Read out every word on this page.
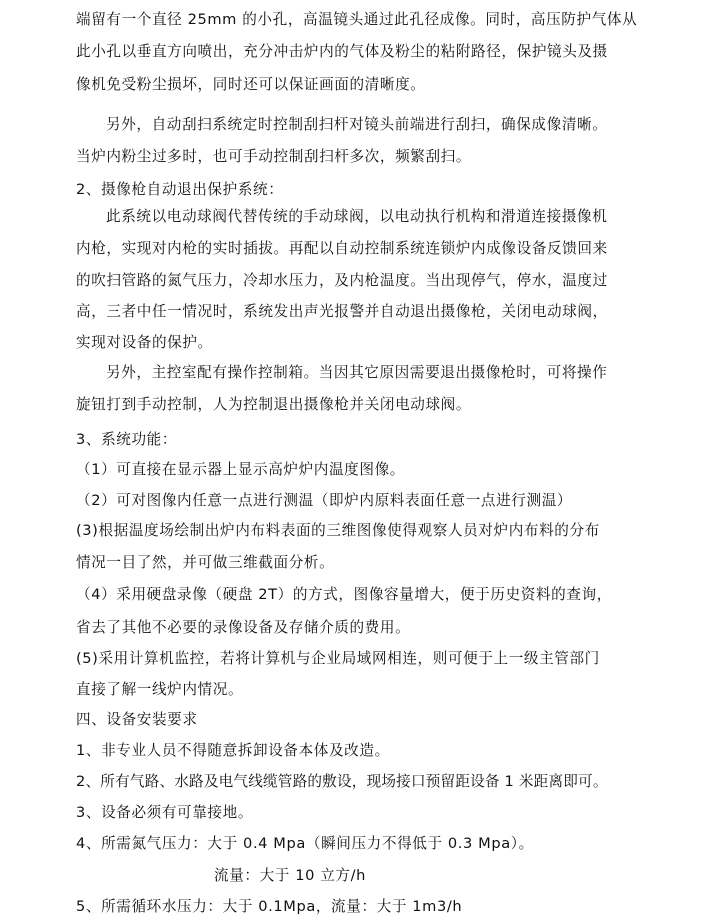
端留有一个直径 25mm 的小孔，高温镜头通过此孔径成像。同时，高压防护气体从
此小孔以垂直方向喷出，充分冲击炉内的气体及粉尘的粘附路径，保护镜头及摄
像机免受粉尘损坏，同时还可以保证画面的清晰度。
另外，自动刮扫系统定时控制刮扫杆对镜头前端进行刮扫，确保成像清晰。
当炉内粉尘过多时，也可手动控制刮扫杆多次，频繁刮扫。
2、摄像枪自动退出保护系统：
此系统以电动球阀代替传统的手动球阀，以电动执行机构和滑道连接摄像机
内枪，实现对内枪的实时插拔。再配以自动控制系统连锁炉内成像设备反馈回来
的吹扫管路的氮气压力，冷却水压力，及内枪温度。当出现停气，停水，温度过
高，三者中任一情况时，系统发出声光报警并自动退出摄像枪，关闭电动球阀，
实现对设备的保护。
另外，主控室配有操作控制箱。当因其它原因需要退出摄像枪时，可将操作
旋钮打到手动控制，人为控制退出摄像枪并关闭电动球阀。
3、系统功能：
（1）可直接在显示器上显示高炉炉内温度图像。
（2）可对图像内任意一点进行测温（即炉内原料表面任意一点进行测温）
(3)根据温度场绘制出炉内布料表面的三维图像使得观察人员对炉内布料的分布
情况一目了然，并可做三维截面分析。
（4）采用硬盘录像（硬盘 2T）的方式，图像容量增大，便于历史资料的查询，
省去了其他不必要的录像设备及存储介质的费用。
(5)采用计算机监控，若将计算机与企业局域网相连，则可便于上一级主管部门
直接了解一线炉内情况。
四、设备安装要求
1、非专业人员不得随意拆卸设备本体及改造。
2、所有气路、水路及电气线缆管路的敷设，现场接口预留距设备 1 米距离即可。
3、设备必须有可靠接地。
4、所需氮气压力：大于 0.4 Mpa（瞬间压力不得低于 0.3 Mpa）。
流量：大于 10 立方/h
5、所需循环水压力：大于 0.1Mpa，流量：大于 1m3/h
